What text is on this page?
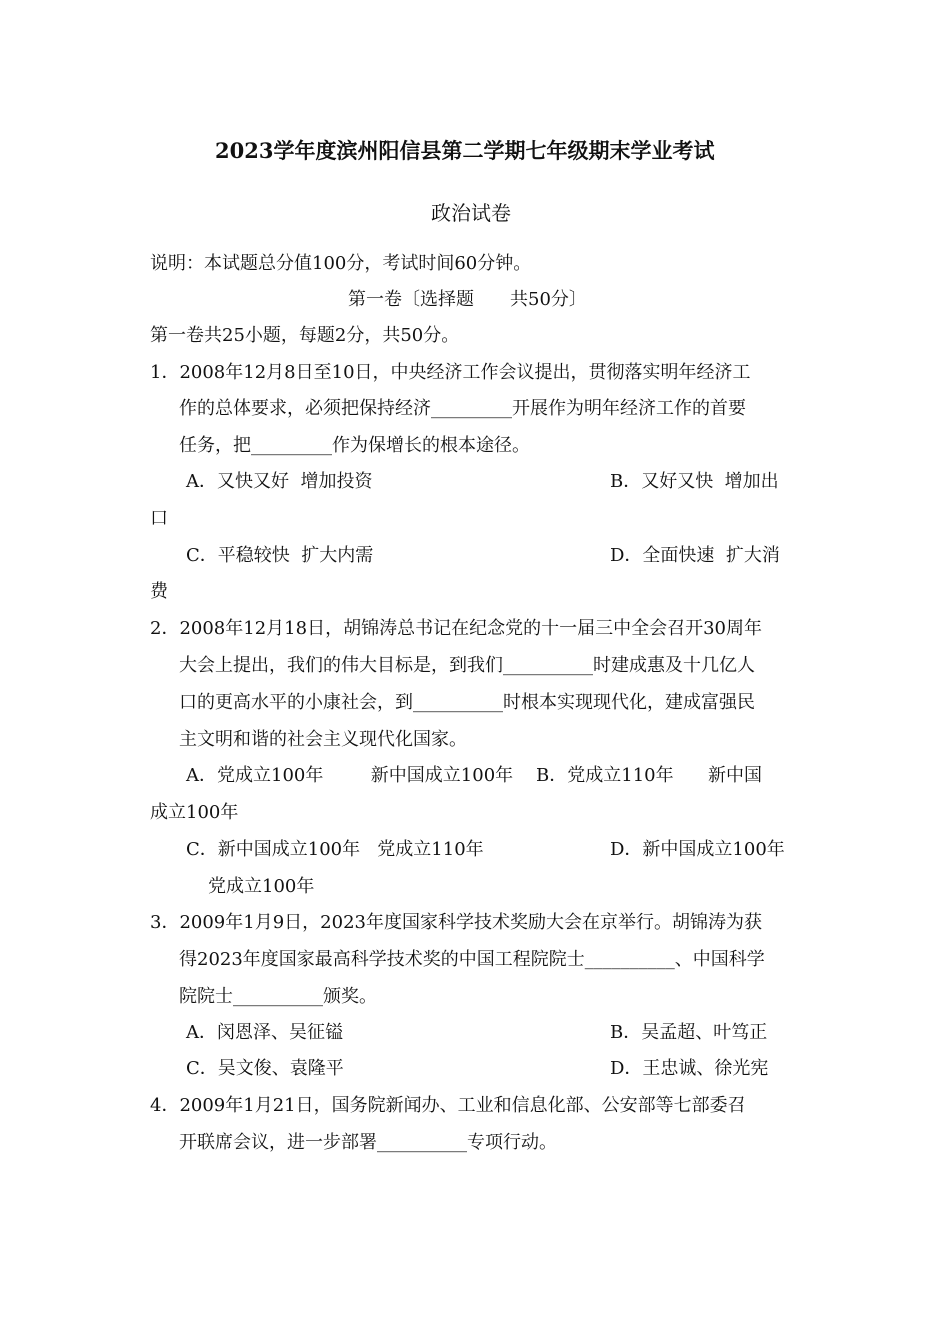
2023学年度滨州阳信县第二学期七年级期末学业考试
政治试卷
说明：本试题总分值100分，考试时间60分钟。
第一卷〔选择题　　共50分〕
第一卷共25小题，每题2分，共50分。
1．2008年12月8日至10日，中央经济工作会议提出，贯彻落实明年经济工
作的总体要求，必须把保持经济_________开展作为明年经济工作的首要
任务，把_________作为保增长的根本途径。
A．又快又好  增加投资	B．又好又快  增加出
口
C．平稳较快  扩大内需	D．全面快速  扩大消
费
2．2008年12月18日，胡锦涛总书记在纪念党的十一届三中全会召开30周年
大会上提出，我们的伟大目标是，到我们__________时建成惠及十几亿人
口的更高水平的小康社会，到__________时根本实现现代化，建成富强民
主文明和谐的社会主义现代化国家。
A．党成立100年　　  新中国成立100年    B．党成立110年      新中国
成立100年
C．新中国成立100年   党成立110年	D．新中国成立100年
党成立100年
3．2009年1月9日，2023年度国家科学技术奖励大会在京举行。胡锦涛为获
得2023年度国家最高科学技术奖的中国工程院院士__________、中国科学
院院士__________颁奖。
A．闵恩泽、吴征镒	B．吴孟超、叶笃正
C．吴文俊、袁隆平	D．王忠诚、徐光宪
4．2009年1月21日，国务院新闻办、工业和信息化部、公安部等七部委召
开联席会议，进一步部署__________专项行动。
